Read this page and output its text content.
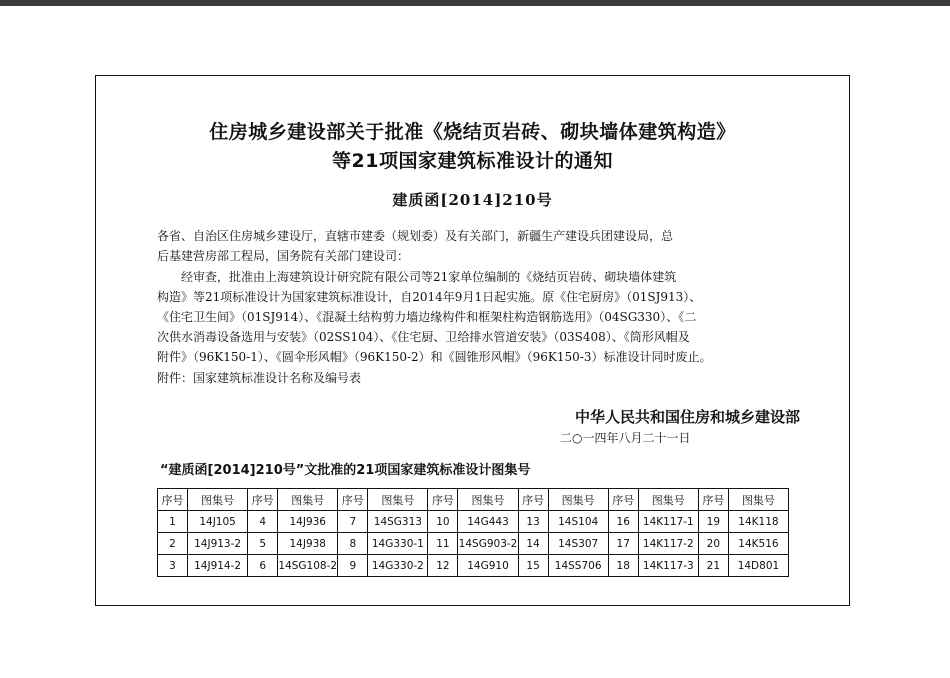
住房城乡建设部关于批准《烧结页岩砖、砌块墙体建筑构造》
等21项国家建筑标准设计的通知
建质函[2014]210号
各省、自治区住房城乡建设厅，直辖市建委（规划委）及有关部门，新疆生产建设兵团建设局，总
后基建营房部工程局，国务院有关部门建设司：
　　经审查，批准由上海建筑设计研究院有限公司等21家单位编制的《烧结页岩砖、砌块墙体建筑
构造》等21项标准设计为国家建筑标准设计，自2014年9月1日起实施。原《住宅厨房》（01SJ913）、
《住宅卫生间》（01SJ914）、《混凝土结构剪力墙边缘构件和框架柱构造钢筋选用》（04SG330）、《二
次供水消毒设备选用与安装》（02SS104）、《住宅厨、卫给排水管道安装》（03S408）、《筒形风帽及
附件》（96K150-1）、《圆伞形风帽》（96K150-2）和《圆锥形风帽》（96K150-3）标准设计同时废止。
附件：国家建筑标准设计名称及编号表
中华人民共和国住房和城乡建设部
二○一四年八月二十一日
“建质函[2014]210号”文批准的21项国家建筑标准设计图集号
序号	图集号	序号	图集号	序号	图集号	序号	图集号	序号	图集号	序号	图集号	序号	图集号
1	14J105	4	14J936	7	14SG313	10	14G443	13	14S104	16	14K117-1	19	14K118
2	14J913-2	5	14J938	8	14G330-1	11	14SG903-2	14	14S307	17	14K117-2	20	14K516
3	14J914-2	6	14SG108-2	9	14G330-2	12	14G910	15	14SS706	18	14K117-3	21	14D801
